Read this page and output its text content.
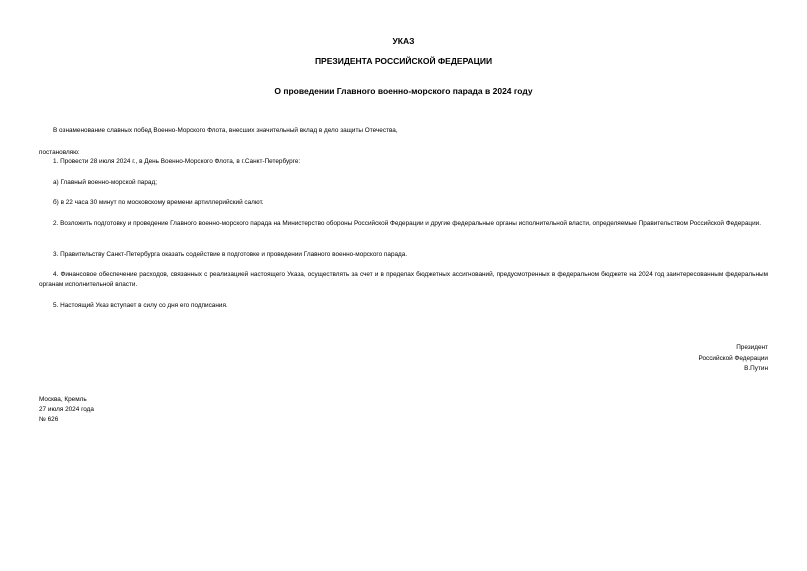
УКАЗ
ПРЕЗИДЕНТА РОССИЙСКОЙ ФЕДЕРАЦИИ
О проведении Главного военно-морского парада в 2024 году
В ознаменование славных побед Военно-Морского Флота, внесших значительный вклад в дело защиты Отечества,
постановляю:
1. Провести 28 июля 2024 г., в День Военно-Морского Флота, в г.Санкт-Петербурге:
а) Главный военно-морской парад;
б) в 22 часа 30 минут по московскому времени артиллерийский салют.
2. Возложить подготовку и проведение Главного военно-морского парада на Министерство обороны Российской Федерации и другие федеральные органы исполнительной власти, определяемые Правительством Российской Федерации.
3. Правительству Санкт-Петербурга оказать содействие в подготовке и проведении Главного военно-морского парада.
4. Финансовое обеспечение расходов, связанных с реализацией настоящего Указа, осуществлять за счет и в пределах бюджетных ассигнований, предусмотренных в федеральном бюджете на 2024 год заинтересованным федеральным органам исполнительной власти.
5. Настоящий Указ вступает в силу со дня его подписания.
Президент
Российской Федерации
В.Путин
Москва, Кремль
27 июля 2024 года
№ 626
